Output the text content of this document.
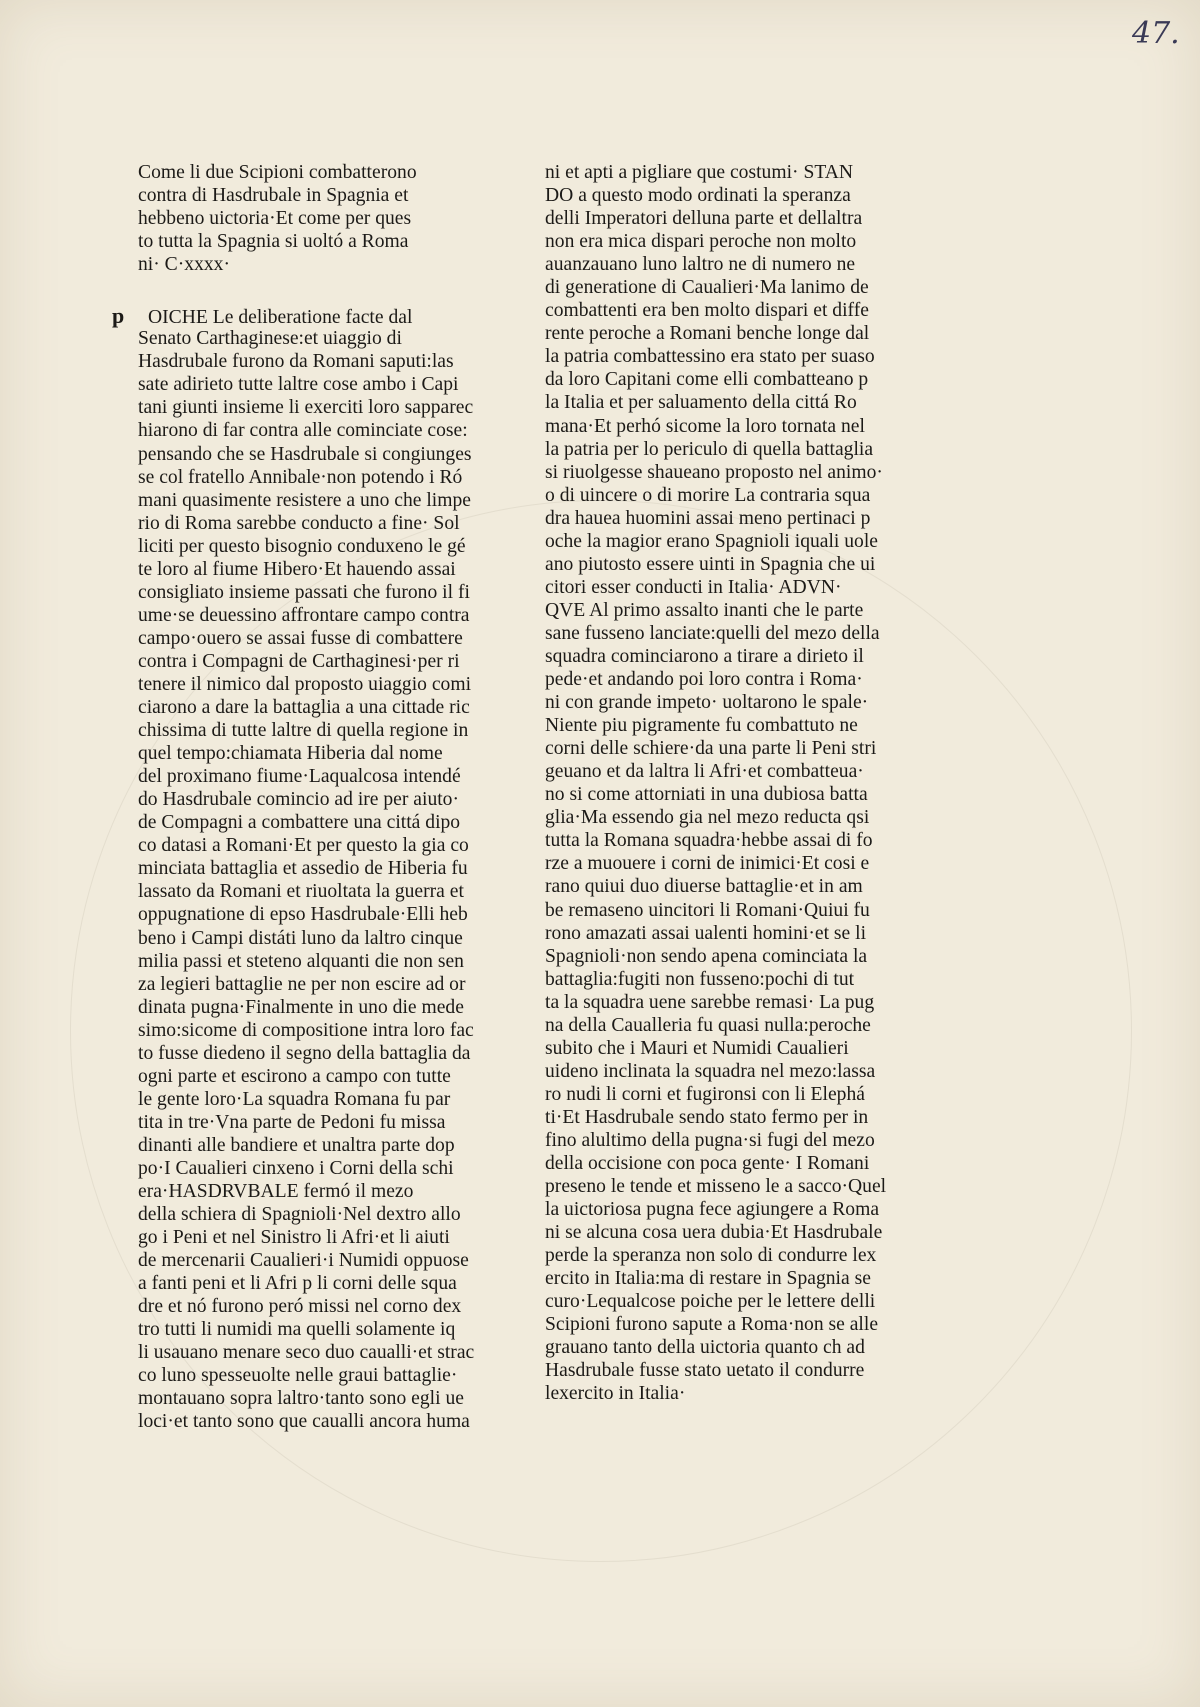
47.
Come li due Scipioni combatterono
contra di Hasdrubale in Spagnia et
hebbeno uictoria·Et come per ques
to tutta la Spagnia si uoltó a Roma
ni· C·xxxx·
p OICHE Le deliberatione facte dal
Senato Carthaginese:et uiaggio di
Hasdrubale furono da Romani saputi:las
sate adirieto tutte laltre cose ambo i Capi
tani giunti insieme li exerciti loro sapparec
hiarono di far contra alle cominciate cose:
pensando che se Hasdrubale si congiunges
se col fratello Annibale·non potendo i Ró
mani quasimente resistere a uno che limpe
rio di Roma sarebbe conducto a fine· Sol
liciti per questo bisognio conduxeno le gé
te loro al fiume Hibero·Et hauendo assai
consigliato insieme passati che furono il fi
ume·se deuessino affrontare campo contra
campo·ouero se assai fusse di combattere
contra i Compagni de Carthaginesi·per ri
tenere il nimico dal proposto uiaggio comi
ciarono a dare la battaglia a una cittade ric
chissima di tutte laltre di quella regione in
quel tempo:chiamata Hiberia dal nome
del proximano fiume·Laqualcosa intendé
do Hasdrubale comincio ad ire per aiuto·
de Compagni a combattere una cittá dipo
co datasi a Romani·Et per questo la gia co
minciata battaglia et assedio de Hiberia fu
lassato da Romani et riuoltata la guerra et
oppugnatione di epso Hasdrubale·Elli heb
beno i Campi distáti luno da laltro cinque
milia passi et steteno alquanti die non sen
za legieri battaglie ne per non escire ad or
dinata pugna·Finalmente in uno die mede
simo:sicome di compositione intra loro fac
to fusse diedeno il segno della battaglia da
ogni parte et escirono a campo con tutte
le gente loro·La squadra Romana fu par
tita in tre·Vna parte de Pedoni fu missa
dinanti alle bandiere et unaltra parte dop
po·I Caualieri cinxeno i Corni della schi
era·HASDRVBALE fermó il mezo
della schiera di Spagnioli·Nel dextro allo
go i Peni et nel Sinistro li Afri·et li aiuti
de mercenarii Caualieri·i Numidi oppuose
a fanti peni et li Afri p li corni delle squa
dre et nó furono peró missi nel corno dex
tro tutti li numidi ma quelli solamente iq
li usauano menare seco duo caualli·et strac
co luno spesseuolte nelle graui battaglie·
montauano sopra laltro·tanto sono egli ue
loci·et tanto sono que caualli ancora huma
ni et apti a pigliare que costumi· STAN
DO a questo modo ordinati la speranza
delli Imperatori delluna parte et dellaltra
non era mica dispari peroche non molto
auanzauano luno laltro ne di numero ne
di generatione di Caualieri·Ma lanimo de
combattenti era ben molto dispari et diffe
rente peroche a Romani benche longe dal
la patria combattessino era stato per suaso
da loro Capitani come elli combatteano p
la Italia et per saluamento della cittá Ro
mana·Et perhó sicome la loro tornata nel
la patria per lo periculo di quella battaglia
si riuolgesse shaueano proposto nel animo·
o di uincere o di morire La contraria squa
dra hauea huomini assai meno pertinaci p
oche la magior erano Spagnioli iquali uole
ano piutosto essere uinti in Spagnia che ui
citori esser conducti in Italia· ADVN·
QVE Al primo assalto inanti che le parte
sane fusseno lanciate:quelli del mezo della
squadra cominciarono a tirare a dirieto il
pede·et andando poi loro contra i Roma·
ni con grande impeto· uoltarono le spale·
Niente piu pigramente fu combattuto ne
corni delle schiere·da una parte li Peni stri
geuano et da laltra li Afri·et combatteua·
no si come attorniati in una dubiosa batta
glia·Ma essendo gia nel mezo reducta qsi
tutta la Romana squadra·hebbe assai di fo
rze a muouere i corni de inimici·Et cosi e
rano quiui duo diuerse battaglie·et in am
be remaseno uincitori li Romani·Quiui fu
rono amazati assai ualenti homini·et se li
Spagnioli·non sendo apena cominciata la
battaglia:fugiti non fusseno:pochi di tut
ta la squadra uene sarebbe remasi· La pug
na della Caualleria fu quasi nulla:peroche
subito che i Mauri et Numidi Caualieri
uideno inclinata la squadra nel mezo:lassa
ro nudi li corni et fugironsi con li Elephá
ti·Et Hasdrubale sendo stato fermo per in
fino alultimo della pugna·si fugi del mezo
della occisione con poca gente· I Romani
preseno le tende et misseno le a sacco·Quel
la uictoriosa pugna fece agiungere a Roma
ni se alcuna cosa uera dubia·Et Hasdrubale
perde la speranza non solo di condurre lex
ercito in Italia:ma di restare in Spagnia se
curo·Lequalcose poiche per le lettere delli
Scipioni furono saputе a Roma·non se alle
grauano tanto della uictoria quanto ch ad
Hasdrubale fusse stato uetato il condurre
lexercito in Italia·
